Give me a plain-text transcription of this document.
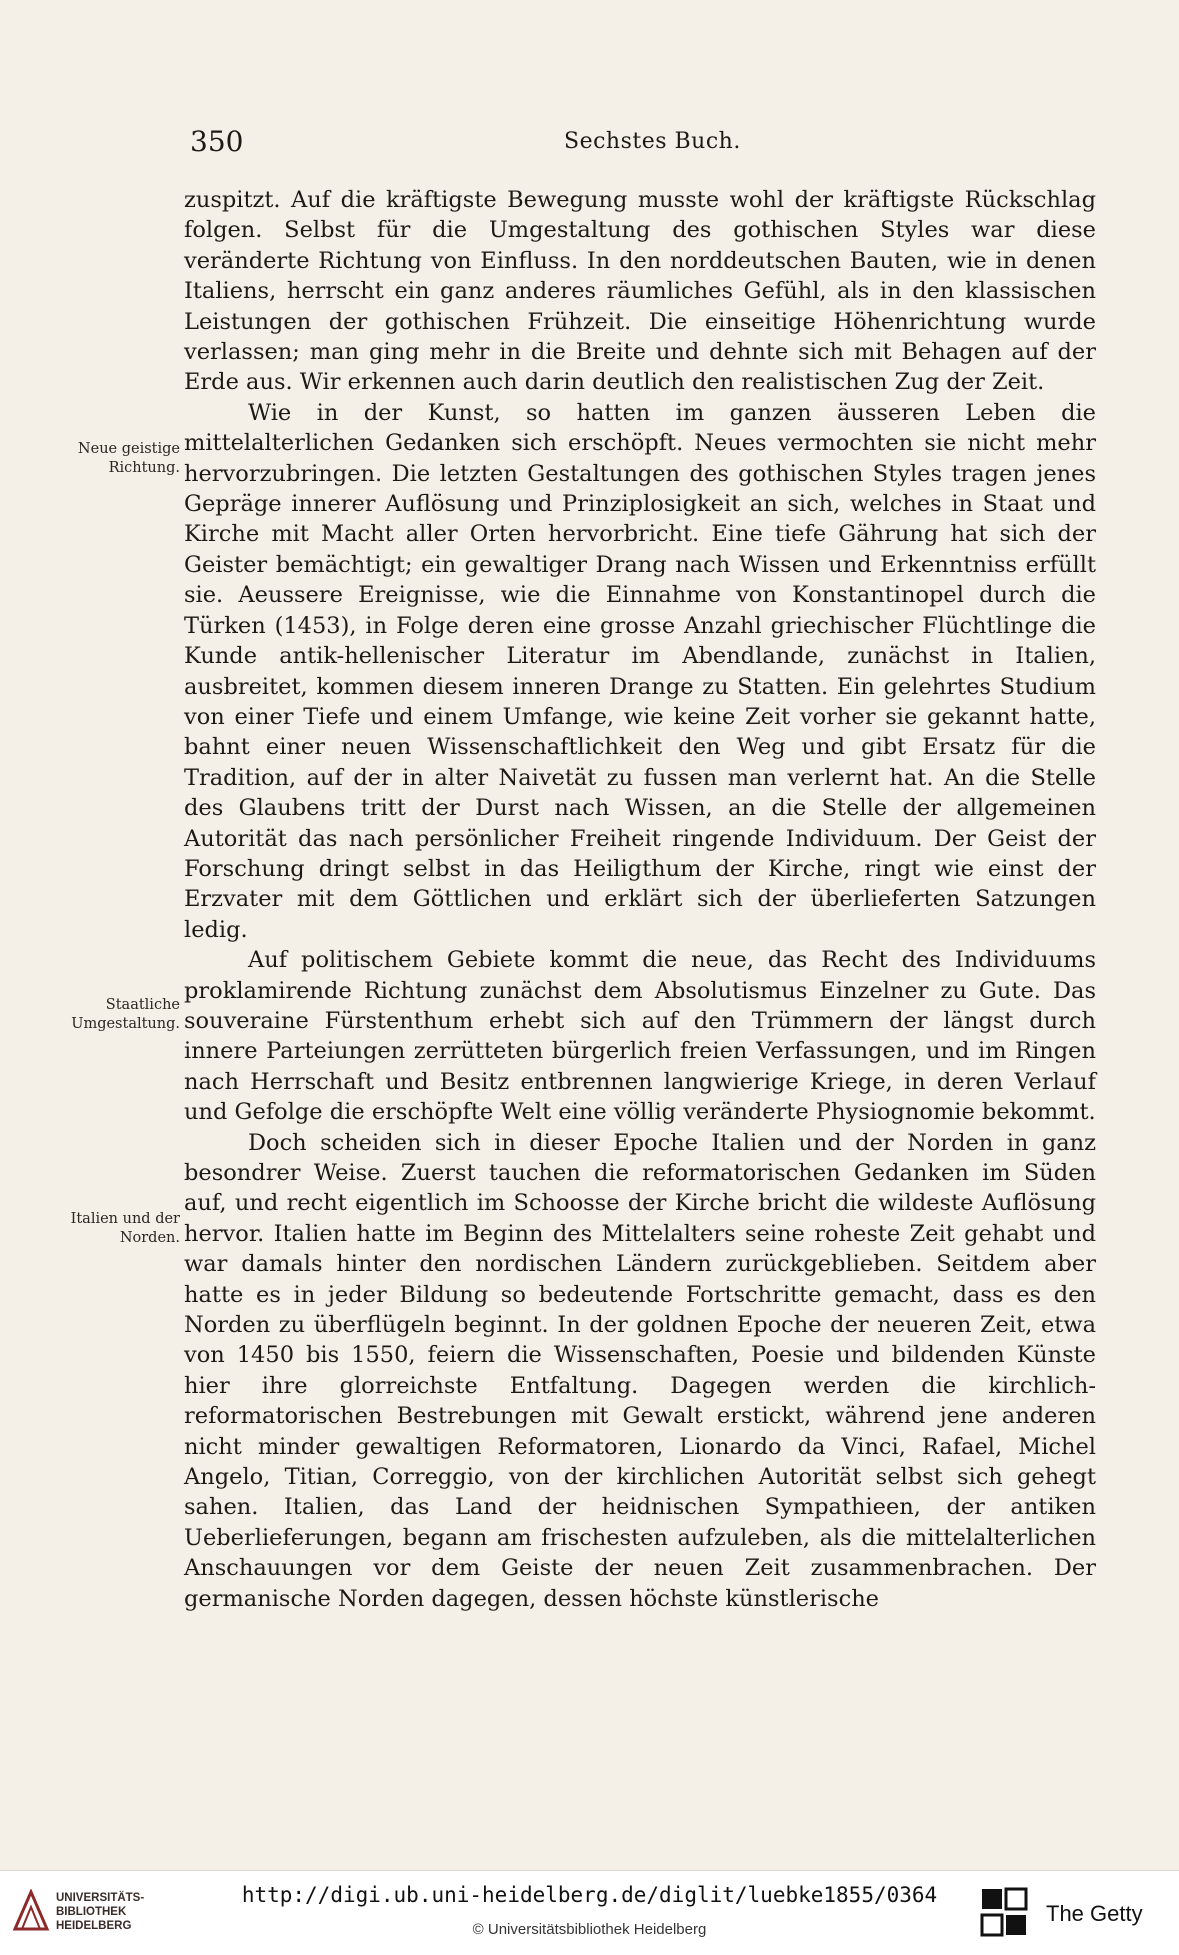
350	Sechstes Buch.
Neue geistige Richtung.
Staatliche Umgestaltung.
Italien und der Norden.

zuspitzt. Auf die kräftigste Bewegung musste wohl der kräftigste Rückschlag folgen. Selbst für die Umgestaltung des gothischen Styles war diese veränderte Richtung von Einfluss. In den norddeutschen Bauten, wie in denen Italiens, herrscht ein ganz anderes räumliches Gefühl, als in den klassischen Leistungen der gothischen Frühzeit. Die einseitige Höhenrichtung wurde verlassen; man ging mehr in die Breite und dehnte sich mit Behagen auf der Erde aus. Wir erkennen auch darin deutlich den realistischen Zug der Zeit.

Wie in der Kunst, so hatten im ganzen äusseren Leben die mittelalterlichen Gedanken sich erschöpft. Neues vermochten sie nicht mehr hervorzubringen. Die letzten Gestaltungen des gothischen Styles tragen jenes Gepräge innerer Auflösung und Prinziplosigkeit an sich, welches in Staat und Kirche mit Macht aller Orten hervorbricht. Eine tiefe Gährung hat sich der Geister bemächtigt; ein gewaltiger Drang nach Wissen und Erkenntniss erfüllt sie. Aeussere Ereignisse, wie die Einnahme von Konstantinopel durch die Türken (1453), in Folge deren eine grosse Anzahl griechischer Flüchtlinge die Kunde antik-hellenischer Literatur im Abendlande, zunächst in Italien, ausbreitet, kommen diesem inneren Drange zu Statten. Ein gelehrtes Studium von einer Tiefe und einem Umfange, wie keine Zeit vorher sie gekannt hatte, bahnt einer neuen Wissenschaftlichkeit den Weg und gibt Ersatz für die Tradition, auf der in alter Naivetät zu fussen man verlernt hat. An die Stelle des Glaubens tritt der Durst nach Wissen, an die Stelle der allgemeinen Autorität das nach persönlicher Freiheit ringende Individuum. Der Geist der Forschung dringt selbst in das Heiligthum der Kirche, ringt wie einst der Erzvater mit dem Göttlichen und erklärt sich der überlieferten Satzungen ledig.

Auf politischem Gebiete kommt die neue, das Recht des Individuums proklamirende Richtung zunächst dem Absolutismus Einzelner zu Gute. Das souveraine Fürstenthum erhebt sich auf den Trümmern der längst durch innere Parteiungen zerrütteten bürgerlich freien Verfassungen, und im Ringen nach Herrschaft und Besitz entbrennen langwierige Kriege, in deren Verlauf und Gefolge die erschöpfte Welt eine völlig veränderte Physiognomie bekommt.

Doch scheiden sich in dieser Epoche Italien und der Norden in ganz besondrer Weise. Zuerst tauchen die reformatorischen Gedanken im Süden auf, und recht eigentlich im Schoosse der Kirche bricht die wildeste Auflösung hervor. Italien hatte im Beginn des Mittelalters seine roheste Zeit gehabt und war damals hinter den nordischen Ländern zurückgeblieben. Seitdem aber hatte es in jeder Bildung so bedeutende Fortschritte gemacht, dass es den Norden zu überflügeln beginnt. In der goldnen Epoche der neueren Zeit, etwa von 1450 bis 1550, feiern die Wissenschaften, Poesie und bildenden Künste hier ihre glorreichste Entfaltung. Dagegen werden die kirchlich-reformatorischen Bestrebungen mit Gewalt erstickt, während jene anderen nicht minder gewaltigen Reformatoren, Lionardo da Vinci, Rafael, Michel Angelo, Titian, Correggio, von der kirchlichen Autorität selbst sich gehegt sahen. Italien, das Land der heidnischen Sympathieen, der antiken Ueberlieferungen, begann am frischesten aufzuleben, als die mittelalterlichen Anschauungen vor dem Geiste der neuen Zeit zusammenbrachen. Der germanische Norden dagegen, dessen höchste künstlerische

UNIVERSITÄTS-
BIBLIOTHEK
HEIDELBERG
http://digi.ub.uni-heidelberg.de/diglit/luebke1855/0364
© Universitätsbibliothek Heidelberg
The Getty
